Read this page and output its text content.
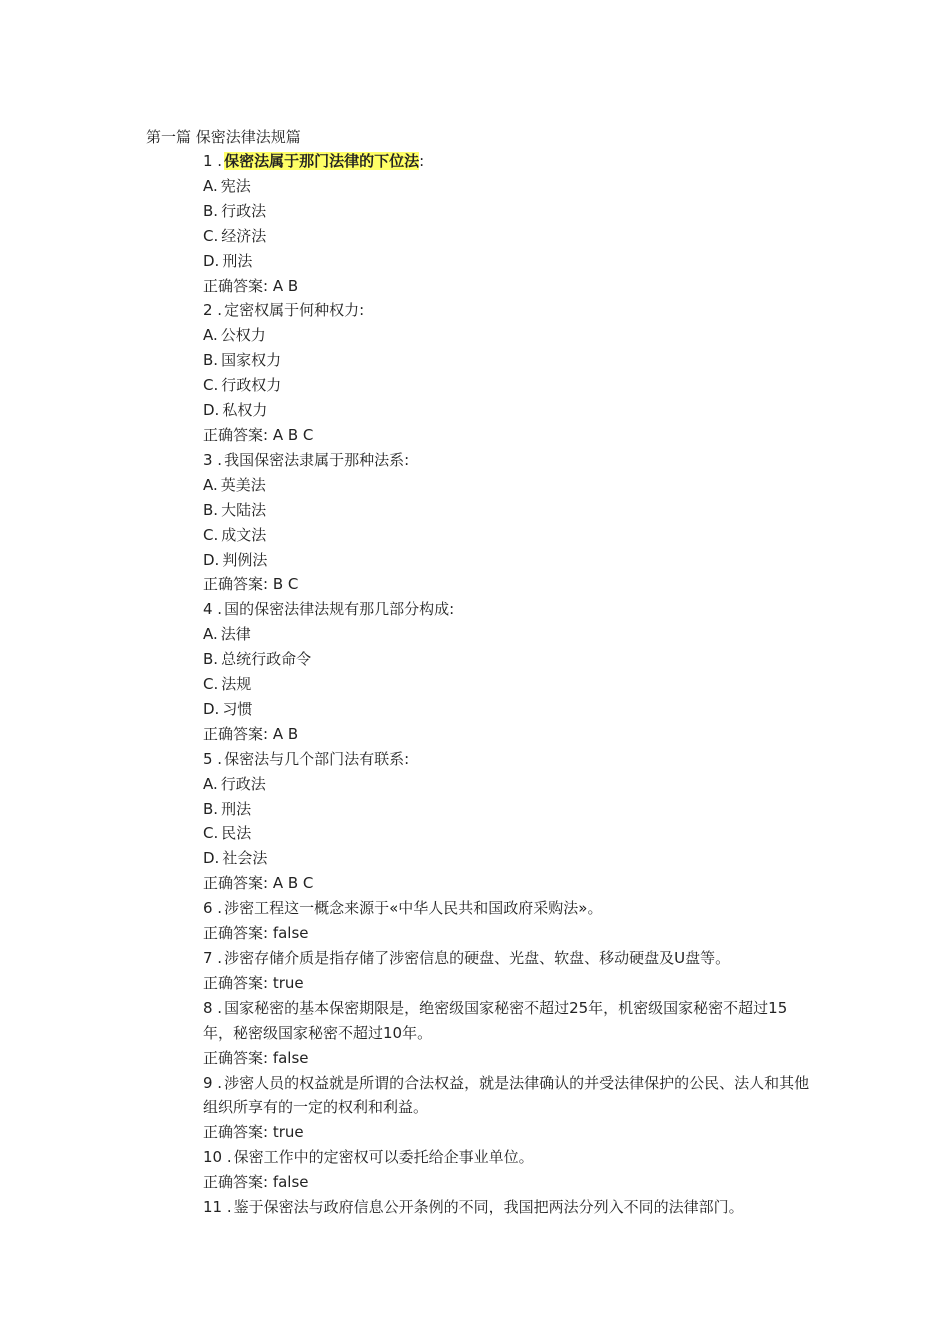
第一篇 保密法律法规篇

1 . 保密法属于那门法律的下位法:

A. 宪法

B. 行政法

C. 经济法

D. 刑法

正确答案: A B

2 . 定密权属于何种权力:

A. 公权力

B. 国家权力

C. 行政权力

D. 私权力

正确答案: A B C

3 . 我国保密法隶属于那种法系:

A. 英美法

B. 大陆法

C. 成文法

D. 判例法

正确答案: B C

4 . 国的保密法律法规有那几部分构成:

A. 法律

B. 总统行政命令

C. 法规

D. 习惯

正确答案: A B

5 . 保密法与几个部门法有联系:

A. 行政法

B. 刑法

C. 民法

D. 社会法

正确答案: A B C

6 . 涉密工程这一概念来源于«中华人民共和国政府采购法»。

正确答案: false

7 . 涉密存储介质是指存储了涉密信息的硬盘、光盘、软盘、移动硬盘及U盘等。

正确答案: true

8 . 国家秘密的基本保密期限是，绝密级国家秘密不超过25年，机密级国家秘密不超过15年，秘密级国家秘密不超过10年。

正确答案: false

9 . 涉密人员的权益就是所谓的合法权益，就是法律确认的并受法律保护的公民、法人和其他组织所享有的一定的权利和利益。

正确答案: true

10 . 保密工作中的定密权可以委托给企事业单位。

正确答案: false

11 . 鉴于保密法与政府信息公开条例的不同，我国把两法分列入不同的法律部门。
